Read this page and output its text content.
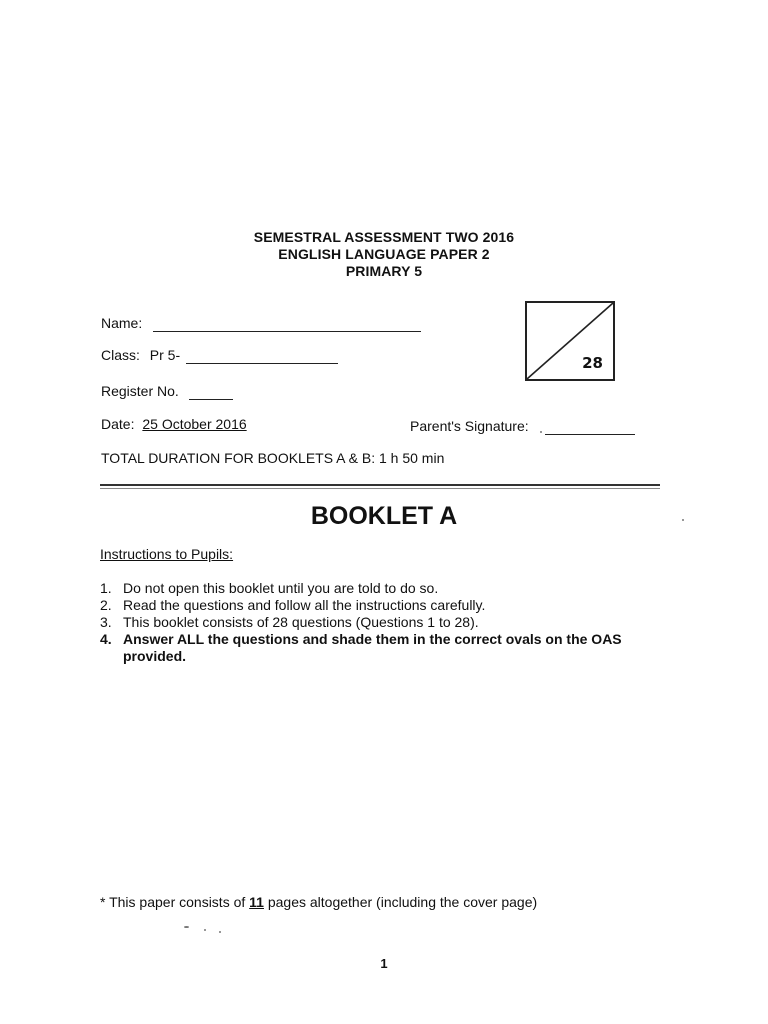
SEMESTRAL ASSESSMENT TWO 2016
ENGLISH LANGUAGE PAPER 2
PRIMARY 5
Name:
Class: Pr 5-
Register No.
Date: 25 October 2016	Parent's Signature:
TOTAL DURATION FOR BOOKLETS A & B: 1 h 50 min
28
BOOKLET A
Instructions to Pupils:
1. Do not open this booklet until you are told to do so.
2. Read the questions and follow all the instructions carefully.
3. This booklet consists of 28 questions (Questions 1 to 28).
4. Answer ALL the questions and shade them in the correct ovals on the OAS provided.
* This paper consists of 11 pages altogether (including the cover page)
1
